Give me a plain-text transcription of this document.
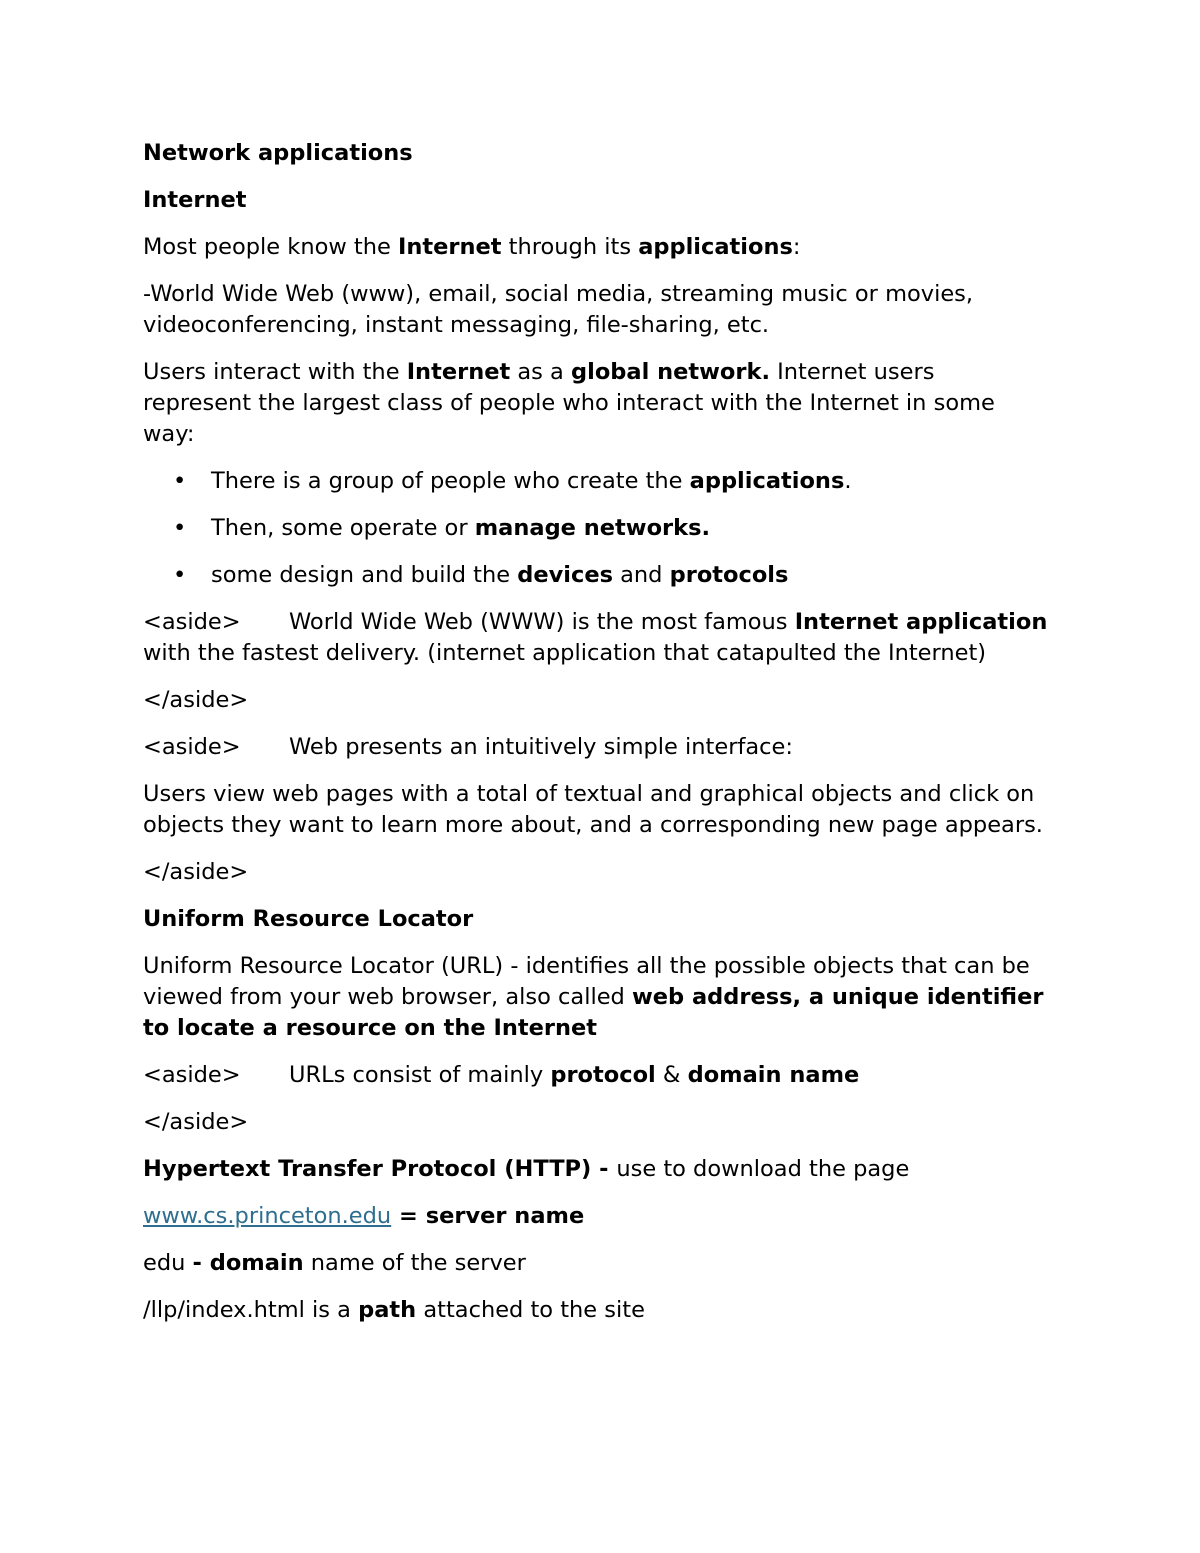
Network applications
Internet
Most people know the Internet through its applications:
-World Wide Web (www), email, social media, streaming music or movies, videoconferencing, instant messaging, file-sharing, etc.
Users interact with the Internet as a global network. Internet users represent the largest class of people who interact with the Internet in some way:
• There is a group of people who create the applications.
• Then, some operate or manage networks.
• some design and build the devices and protocols
<aside> World Wide Web (WWW) is the most famous Internet application with the fastest delivery. (internet application that catapulted the Internet)
</aside>
<aside> Web presents an intuitively simple interface:
Users view web pages with a total of textual and graphical objects and click on objects they want to learn more about, and a corresponding new page appears.
</aside>
Uniform Resource Locator
Uniform Resource Locator (URL) - identifies all the possible objects that can be viewed from your web browser, also called web address, a unique identifier to locate a resource on the Internet
<aside> URLs consist of mainly protocol & domain name
</aside>
Hypertext Transfer Protocol (HTTP) - use to download the page
www.cs.princeton.edu = server name
edu - domain name of the server
/llp/index.html is a path attached to the site
